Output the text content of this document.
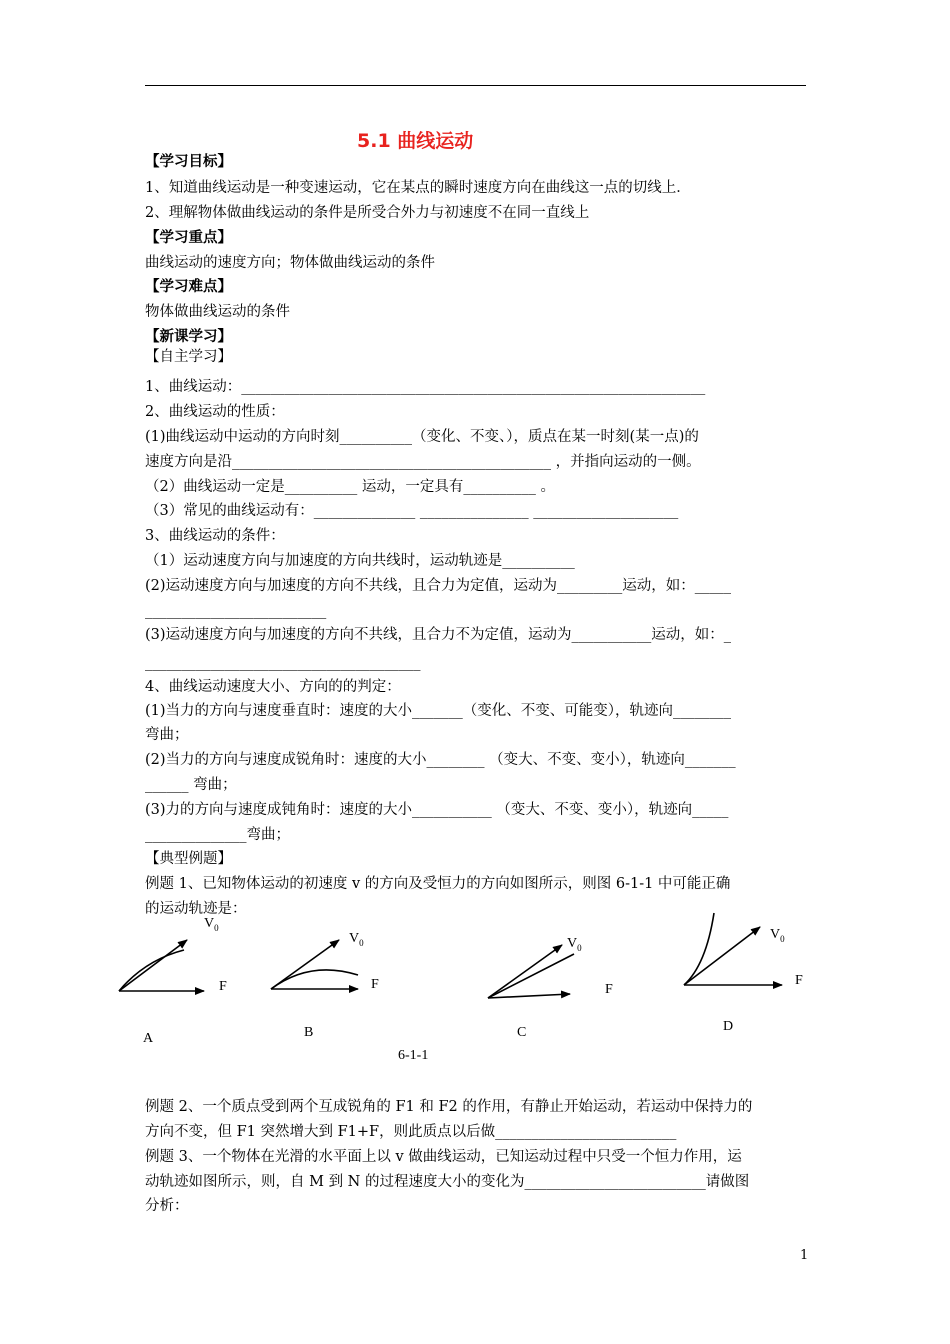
5.1 曲线运动
【学习目标】
1、知道曲线运动是一种变速运动，它在某点的瞬时速度方向在曲线这一点的切线上．
2、理解物体做曲线运动的条件是所受合外力与初速度不在同一直线上
【学习重点】
曲线运动的速度方向；物体做曲线运动的条件
【学习难点】
物体做曲线运动的条件
【新课学习】
【自主学习】
1、曲线运动：________________________________________________________________
2、曲线运动的性质：
(1)曲线运动中运动的方向时刻__________（变化、不变、），质点在某一时刻(某一点)的
速度方向是沿____________________________________________ ，并指向运动的一侧。
（2）曲线运动一定是__________ 运动，一定具有__________ 。
（3）常见的曲线运动有：______________ _______________ ____________________
3、曲线运动的条件：
（1）运动速度方向与加速度的方向共线时，运动轨迹是__________
(2)运动速度方向与加速度的方向不共线，且合力为定值，运动为_________运动，如：_____
_________________________
(3)运动速度方向与加速度的方向不共线，且合力不为定值，运动为___________运动，如：_
______________________________________
4、曲线运动速度大小、方向的的判定：
(1)当力的方向与速度垂直时：速度的大小_______（变化、不变、可能变），轨迹向________
弯曲；
(2)当力的方向与速度成锐角时：速度的大小________ （变大、不变、变小），轨迹向_______
______ 弯曲；
(3)力的方向与速度成钝角时：速度的大小___________ （变大、不变、变小），轨迹向_____
______________弯曲；
【典型例题】
例题 1、已知物体运动的初速度 v 的方向及受恒力的方向如图所示，则图 6-1-1 中可能正确
的运动轨迹是：
$V_0$
$V_0$	$V_0$
$V_0$
F	F	F
F
A	B	C	D
6-1-1
例题 2、一个质点受到两个互成锐角的 F1 和 F2 的作用，有静止开始运动，若运动中保持力的
方向不变，但 F1 突然增大到 F1+F，则此质点以后做_________________________
例题 3、一个物体在光滑的水平面上以 v 做曲线运动，已知运动过程中只受一个恒力作用，运
动轨迹如图所示，则，自 M 到 N 的过程速度大小的变化为_________________________请做图
分析：
1
